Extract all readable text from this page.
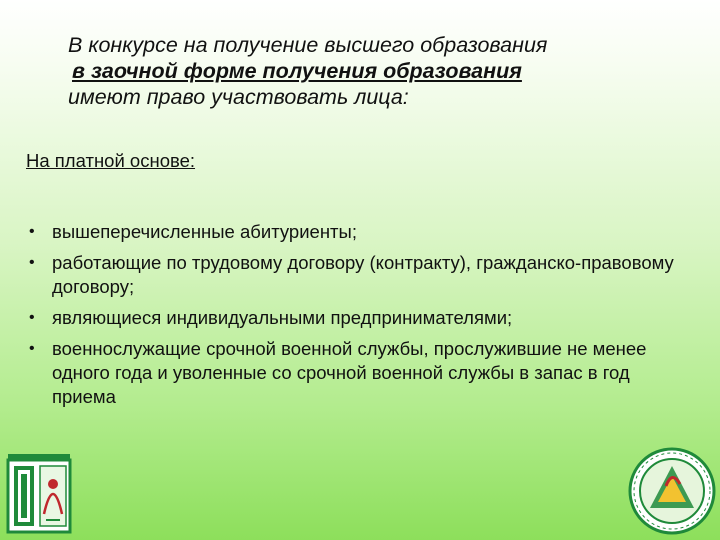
В конкурсе на получение высшего образования
в заочной форме получения образования
имеют право участвовать лица:
На платной основе:
• вышеперечисленные абитуриенты;
• работающие по трудовому договору (контракту), гражданско-правовому договору;
• являющиеся индивидуальными предпринимателями;
• военнослужащие срочной военной службы, прослужившие не менее одного года и уволенные со срочной военной службы в запас в год приема
